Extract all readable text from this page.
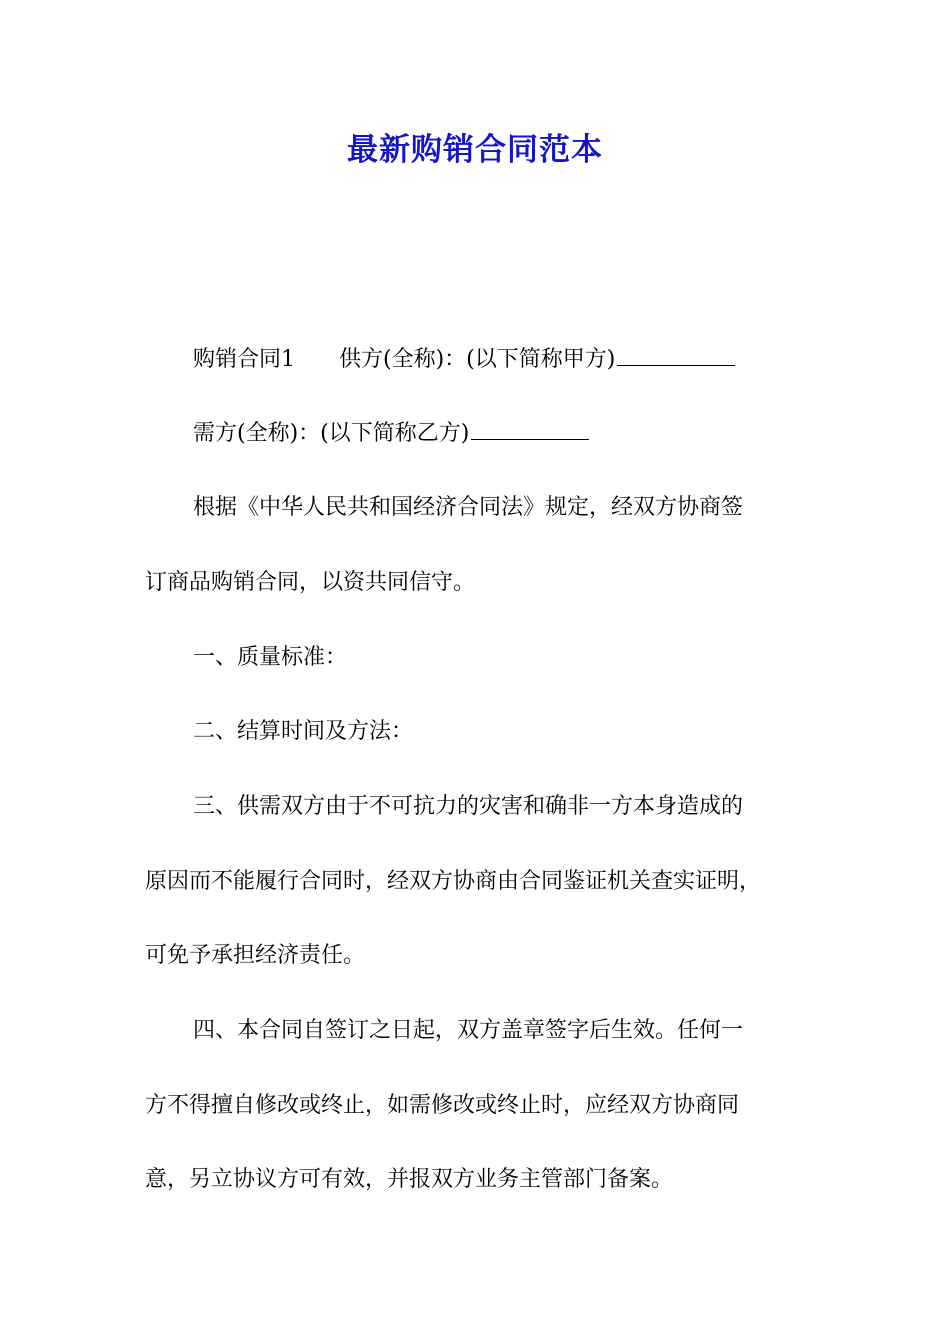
最新购销合同范本

购销合同1 供方(全称)：(以下简称甲方)

需方(全称)：(以下简称乙方)

根据《中华人民共和国经济合同法》规定，经双方协商签

订商品购销合同，以资共同信守。

一、质量标准：

二、结算时间及方法：

三、供需双方由于不可抗力的灾害和确非一方本身造成的

原因而不能履行合同时，经双方协商由合同鉴证机关查实证明，

可免予承担经济责任。

四、本合同自签订之日起，双方盖章签字后生效。任何一

方不得擅自修改或终止，如需修改或终止时，应经双方协商同

意，另立协议方可有效，并报双方业务主管部门备案。
